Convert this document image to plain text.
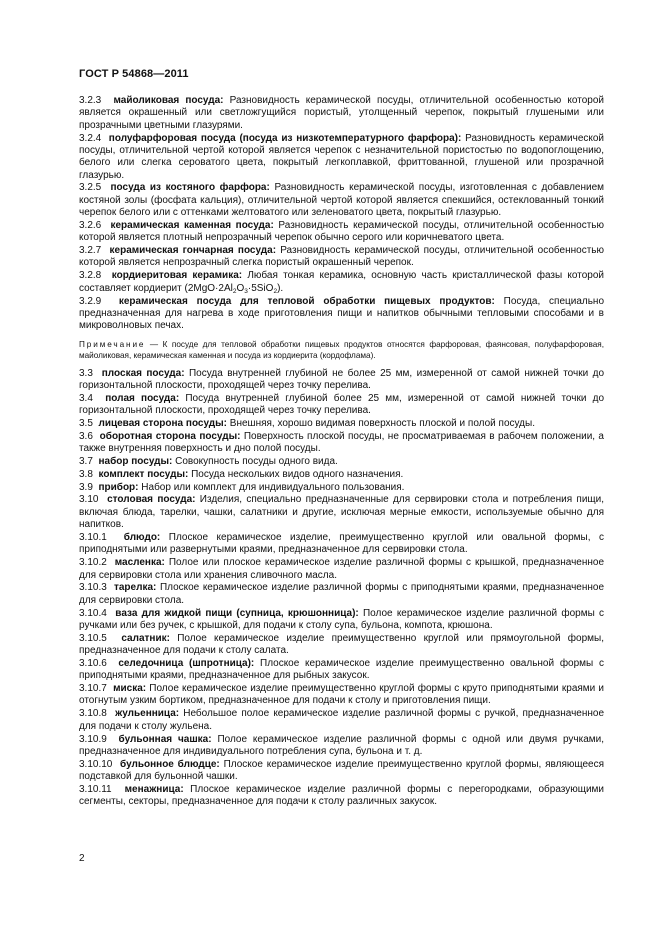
ГОСТ Р 54868—2011

3.2.3 майоликовая посуда: Разновидность керамической посуды, отличительной особенностью которой является окрашенный или светложгущийся пористый, утолщенный черепок, покрытый глушеными или прозрачными цветными глазурями.

3.2.4 полуфарфоровая посуда (посуда из низкотемпературного фарфора): Разновидность керамической посуды, отличительной чертой которой является черепок с незначительной пористостью по водопоглощению, белого или слегка сероватого цвета, покрытый легкоплавкой, фриттованной, глушеной или прозрачной глазурью.

3.2.5 посуда из костяного фарфора: Разновидность керамической посуды, изготовленная с добавлением костяной золы (фосфата кальция), отличительной чертой которой является спекшийся, остеклованный тонкий черепок белого или с оттенками желтоватого или зеленоватого цвета, покрытый глазурью.

3.2.6 керамическая каменная посуда: Разновидность керамической посуды, отличительной особенностью которой является плотный непрозрачный черепок обычно серого или коричневатого цвета.

3.2.7 керамическая гончарная посуда: Разновидность керамической посуды, отличительной особенностью которой является непрозрачный слегка пористый окрашенный черепок.

3.2.8 кордиеритовая керамика: Любая тонкая керамика, основную часть кристаллической фазы которой составляет кордиерит $(2MgO\cdot 2Al_2O_3\cdot 5SiO_2)$.

3.2.9 керамическая посуда для тепловой обработки пищевых продуктов: Посуда, специально предназначенная для нагрева в ходе приготовления пищи и напитков обычными тепловыми способами и в микроволновых печах.

Примечание — К посуде для тепловой обработки пищевых продуктов относятся фарфоровая, фаянсовая, полуфарфоровая, майоликовая, керамическая каменная и посуда из кордиерита (кордофлама).

3.3 плоская посуда: Посуда внутренней глубиной не более 25 мм, измеренной от самой нижней точки до горизонтальной плоскости, проходящей через точку перелива.

3.4 полая посуда: Посуда внутренней глубиной более 25 мм, измеренной от самой нижней точки до горизонтальной плоскости, проходящей через точку перелива.

3.5 лицевая сторона посуды: Внешняя, хорошо видимая поверхность плоской и полой посуды.

3.6 оборотная сторона посуды: Поверхность плоской посуды, не просматриваемая в рабочем положении, а также внутренняя поверхность и дно полой посуды.

3.7 набор посуды: Совокупность посуды одного вида.

3.8 комплект посуды: Посуда нескольких видов одного назначения.

3.9 прибор: Набор или комплект для индивидуального пользования.

3.10 столовая посуда: Изделия, специально предназначенные для сервировки стола и потребления пищи, включая блюда, тарелки, чашки, салатники и другие, исключая мерные емкости, используемые обычно для напитков.

3.10.1 блюдо: Плоское керамическое изделие, преимущественно круглой или овальной формы, с приподнятыми или развернутыми краями, предназначенное для сервировки стола.

3.10.2 масленка: Полое или плоское керамическое изделие различной формы с крышкой, предназначенное для сервировки стола или хранения сливочного масла.

3.10.3 тарелка: Плоское керамическое изделие различной формы с приподнятыми краями, предназначенное для сервировки стола.

3.10.4 ваза для жидкой пищи (супница, крюшонница): Полое керамическое изделие различной формы с ручками или без ручек, с крышкой, для подачи к столу супа, бульона, компота, крюшона.

3.10.5 салатник: Полое керамическое изделие преимущественно круглой или прямоугольной формы, предназначенное для подачи к столу салата.

3.10.6 селедочница (шпротница): Плоское керамическое изделие преимущественно овальной формы с приподнятыми краями, предназначенное для рыбных закусок.

3.10.7 миска: Полое керамическое изделие преимущественно круглой формы с круто приподнятыми краями и отогнутым узким бортиком, предназначенное для подачи к столу и приготовления пищи.

3.10.8 жульенница: Небольшое полое керамическое изделие различной формы с ручкой, предназначенное для подачи к столу жульена.

3.10.9 бульонная чашка: Полое керамическое изделие различной формы с одной или двумя ручками, предназначенное для индивидуального потребления супа, бульона и т. д.

3.10.10 бульонное блюдце: Плоское керамическое изделие преимущественно круглой формы, являющееся подставкой для бульонной чашки.

3.10.11 менажница: Плоское керамическое изделие различной формы с перегородками, образующими сегменты, секторы, предназначенное для подачи к столу различных закусок.

2
